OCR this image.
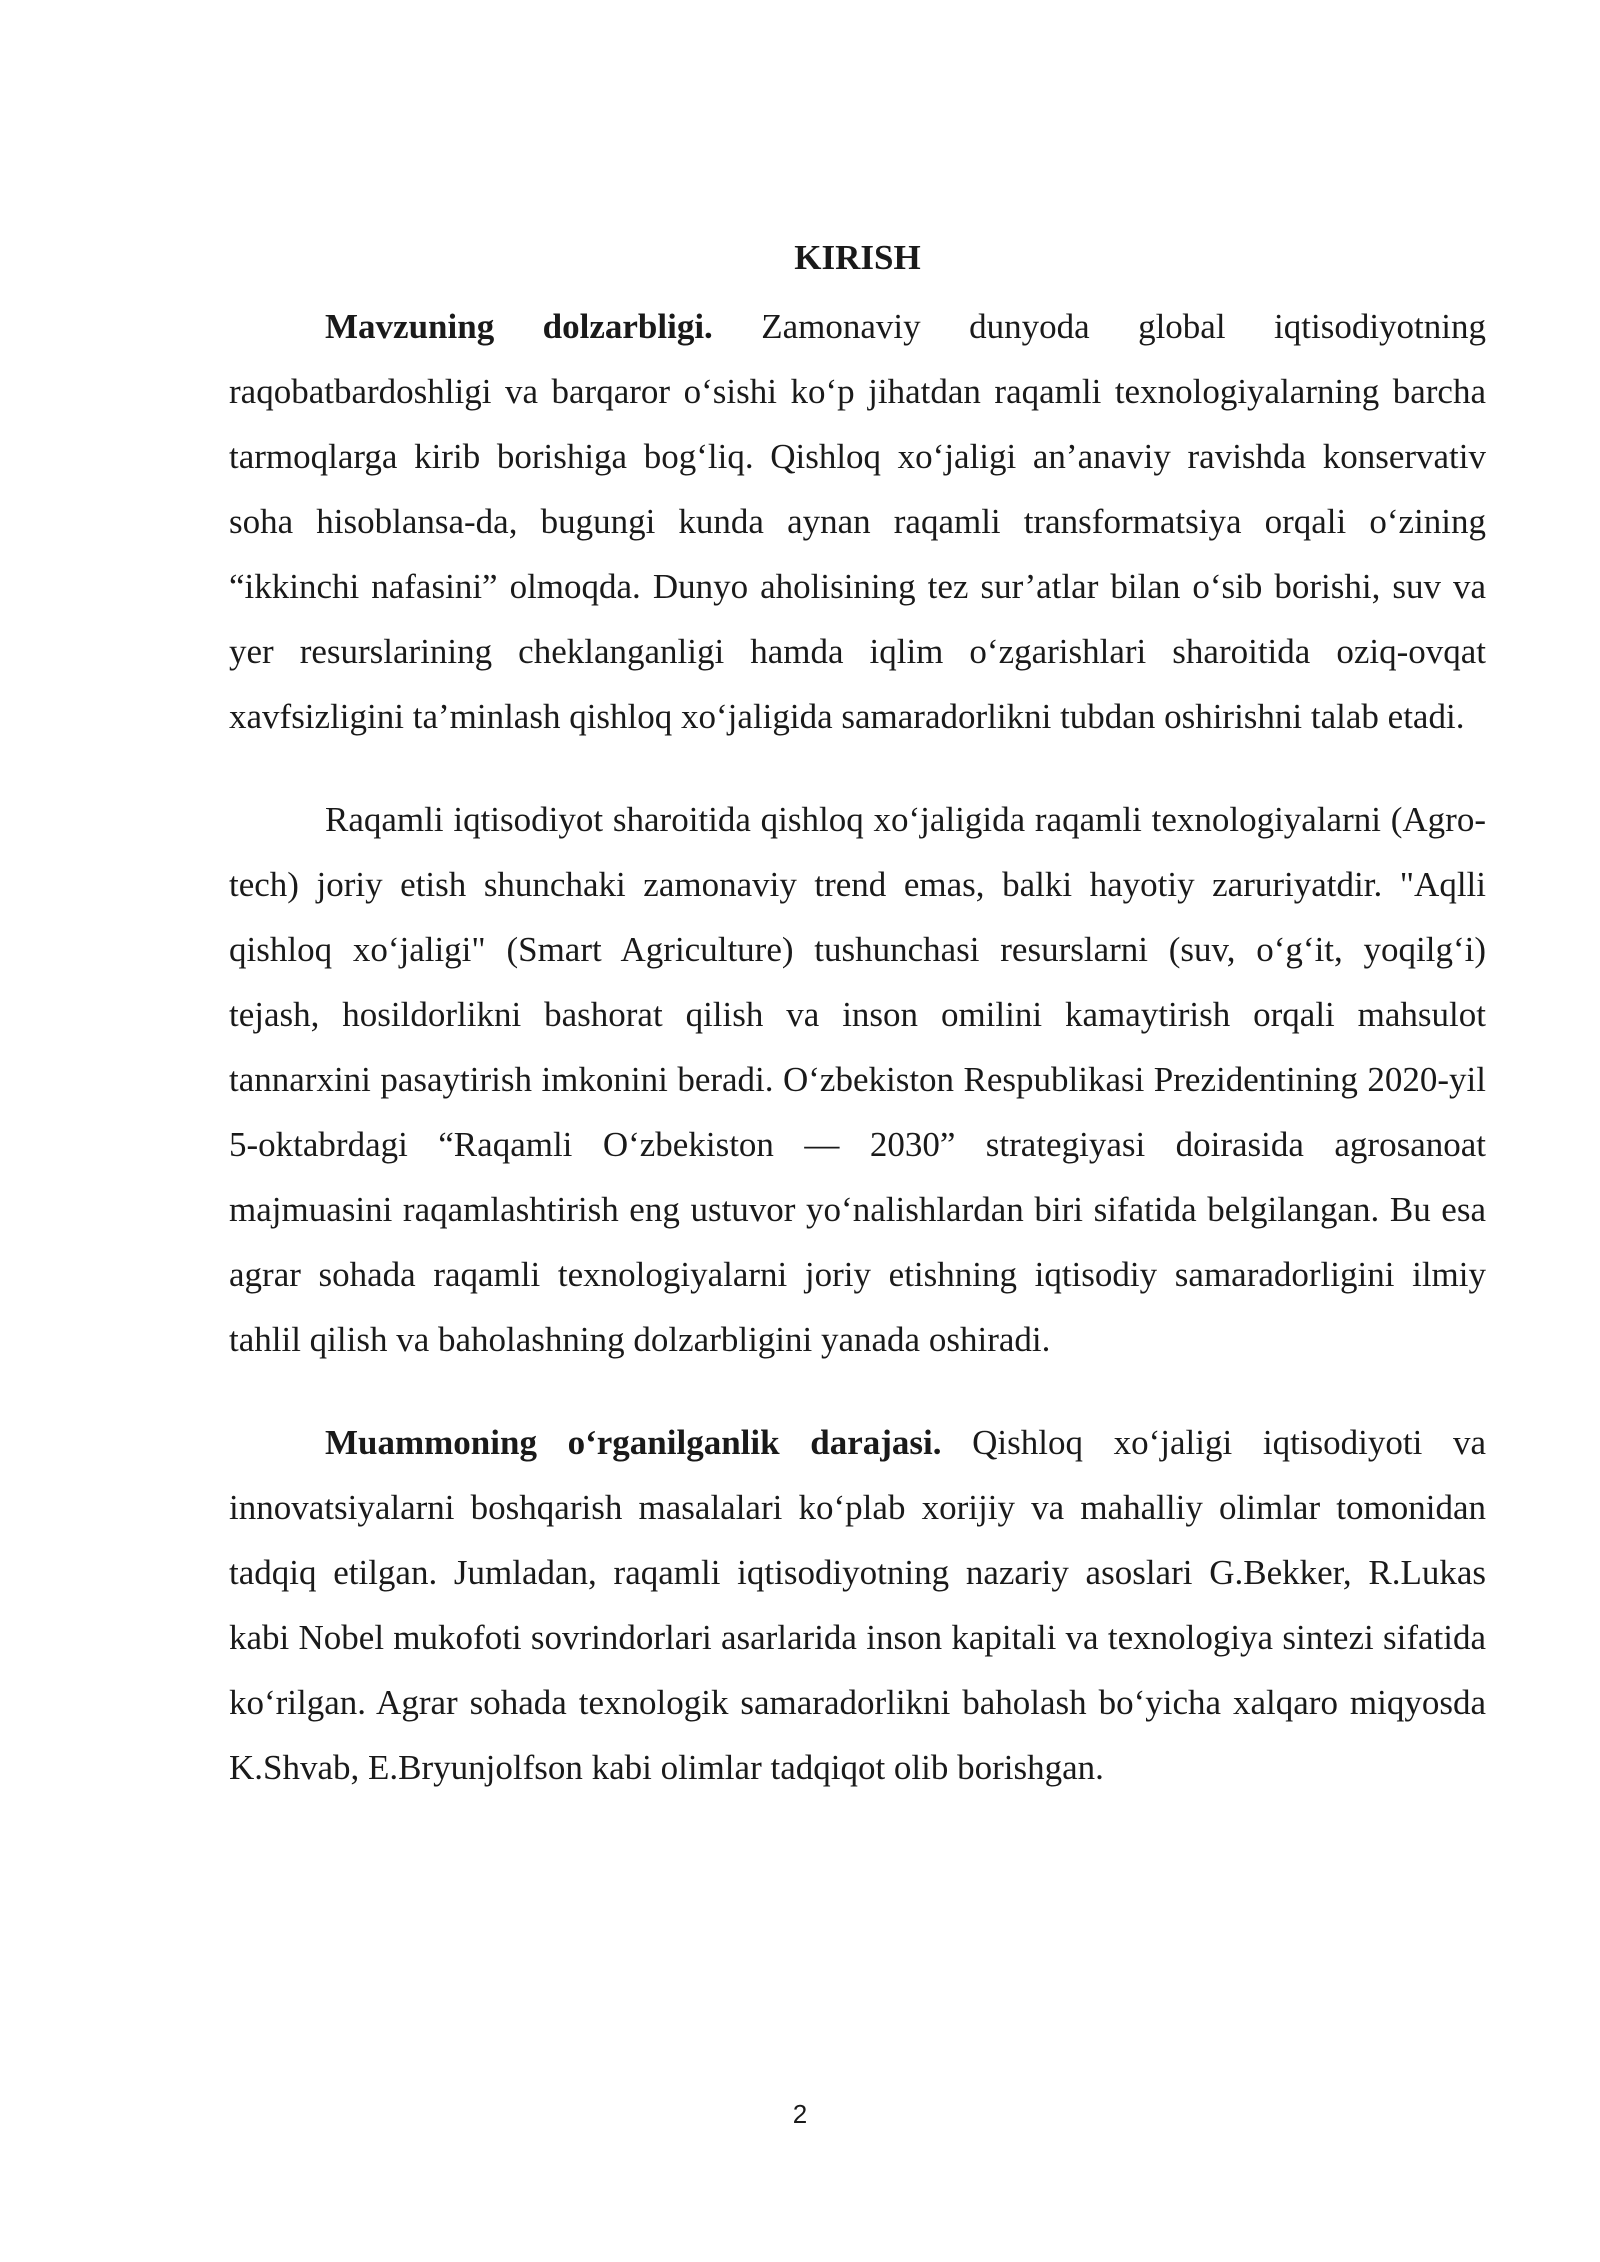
KIRISH

Mavzuning dolzarbligi. Zamonaviy dunyoda global iqtisodiyotning raqobatbardoshligi va barqaror o‘sishi ko‘p jihatdan raqamli texnologiyalarning barcha tarmoqlarga kirib borishiga bog‘liq. Qishloq xo‘jaligi an’anaviy ravishda konservativ soha hisoblansa-da, bugungi kunda aynan raqamli transformatsiya orqali o‘zining “ikkinchi nafasini” olmoqda. Dunyo aholisining tez sur’atlar bilan o‘sib borishi, suv va yer resurslarining cheklanganligi hamda iqlim o‘zgarishlari sharoitida oziq-ovqat xavfsizligini ta’minlash qishloq xo‘jaligida samaradorlikni tubdan oshirishni talab etadi.

Raqamli iqtisodiyot sharoitida qishloq xo‘jaligida raqamli texnologiyalarni (Agro-tech) joriy etish shunchaki zamonaviy trend emas, balki hayotiy zaruriyatdir. "Aqlli qishloq xo‘jaligi" (Smart Agriculture) tushunchasi resurslarni (suv, o‘g‘it, yoqilg‘i) tejash, hosildorlikni bashorat qilish va inson omilini kamaytirish orqali mahsulot tannarxini pasaytirish imkonini beradi. O‘zbekiston Respublikasi Prezidentining 2020-yil 5-oktabrdagi “Raqamli O‘zbekiston — 2030” strategiyasi doirasida agrosanoat majmuasini raqamlashtirish eng ustuvor yo‘nalishlardan biri sifatida belgilangan. Bu esa agrar sohada raqamli texnologiyalarni joriy etishning iqtisodiy samaradorligini ilmiy tahlil qilish va baholashning dolzarbligini yanada oshiradi.

Muammoning o‘rganilganlik darajasi. Qishloq xo‘jaligi iqtisodiyoti va innovatsiyalarni boshqarish masalalari ko‘plab xorijiy va mahalliy olimlar tomonidan tadqiq etilgan. Jumladan, raqamli iqtisodiyotning nazariy asoslari G.Bekker, R.Lukas kabi Nobel mukofoti sovrindorlari asarlarida inson kapitali va texnologiya sintezi sifatida ko‘rilgan. Agrar sohada texnologik samaradorlikni baholash bo‘yicha xalqaro miqyosda K.Shvab, E.Bryunjolfson kabi olimlar tadqiqot olib borishgan.

2
